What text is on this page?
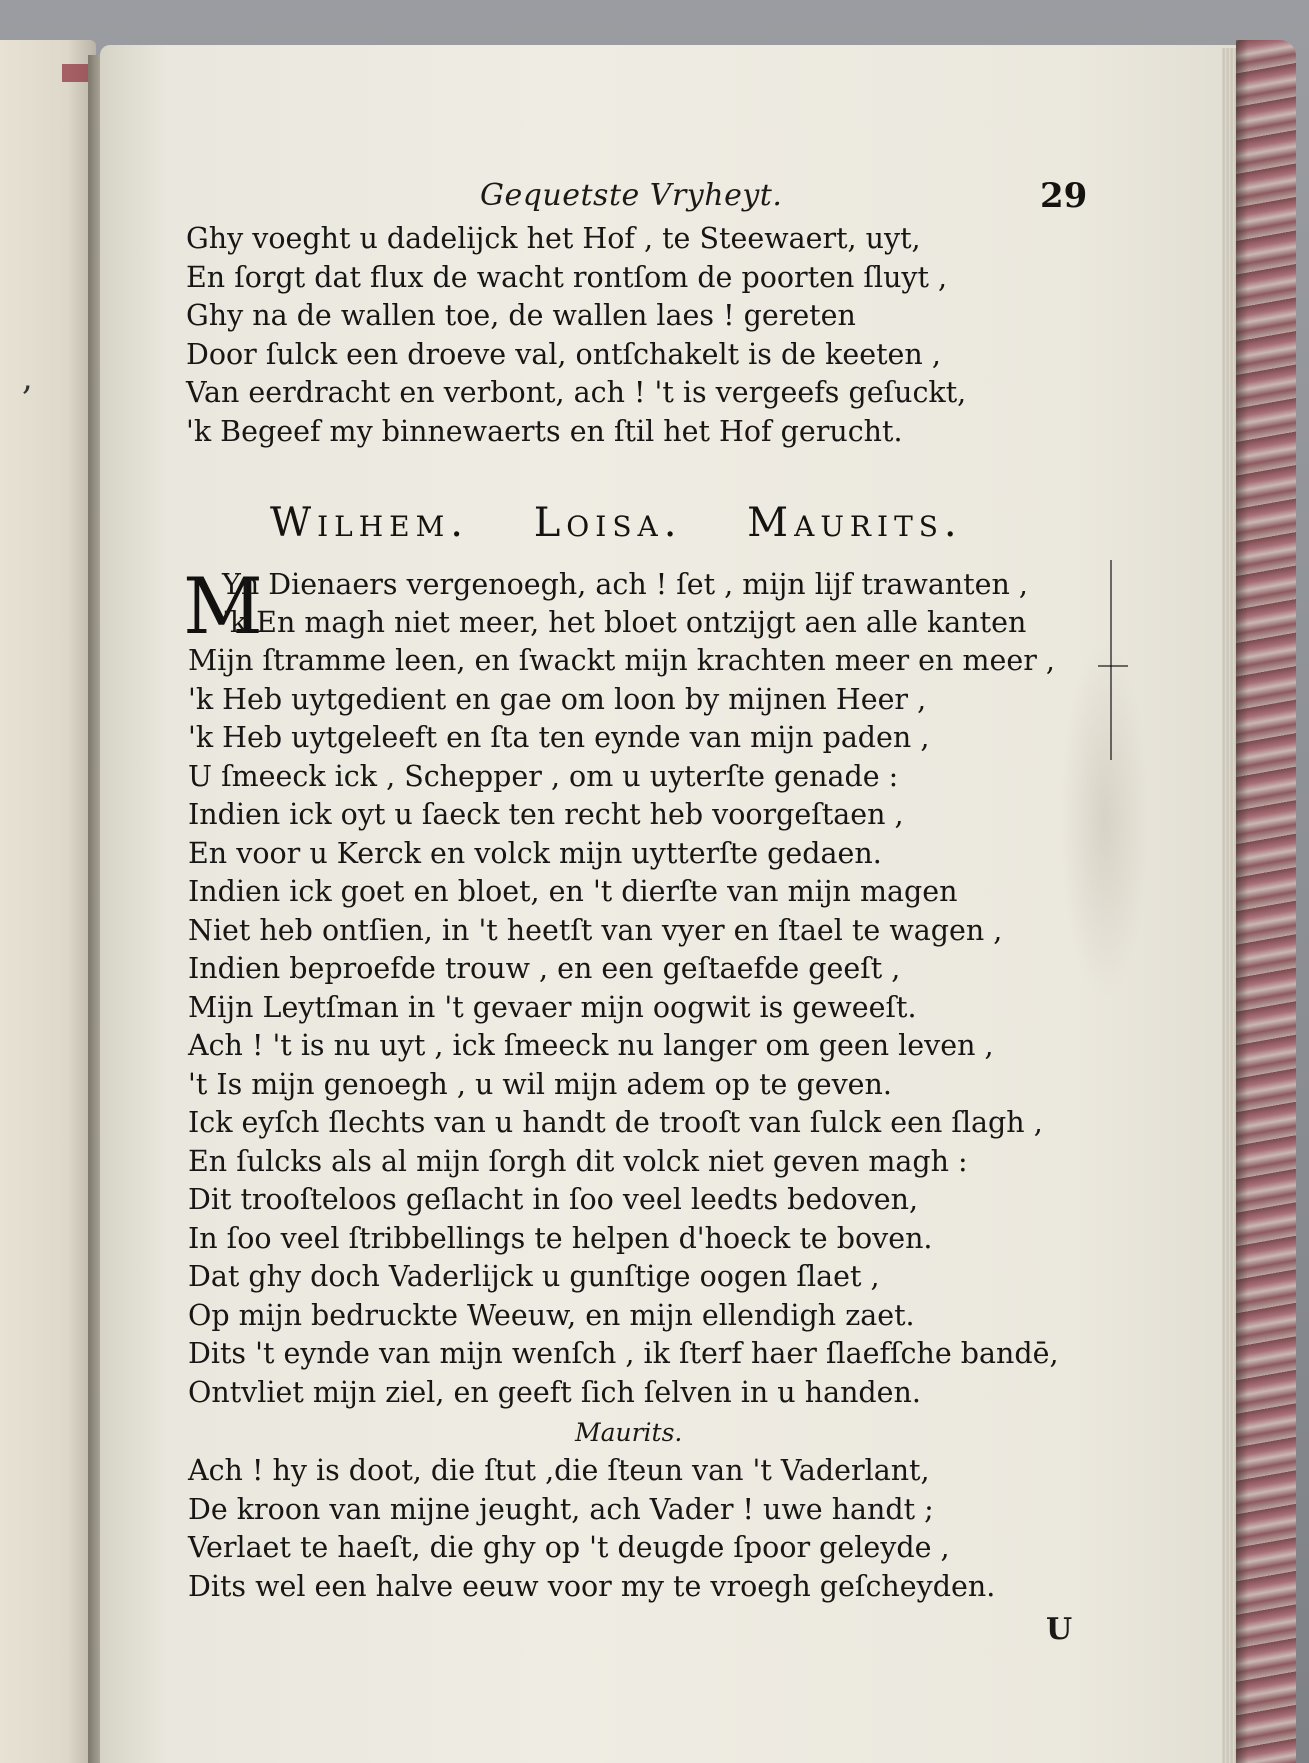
,
Gequetste Vryheyt.	29
Ghy voeght u dadelijck het Hof , te Steewaert, uyt,
En ſorgt dat flux de wacht rontſom de poorten ſluyt ,
Ghy na de wallen toe, de wallen laes ! gereten
Door ſulck een droeve val, ontſchakelt is de keeten ,
Van eerdracht en verbont, ach ! 't is vergeefs geſuckt,
'k Begeef my binnewaerts en ſtil het Hof gerucht.
Wilhem. Loisa. Maurits.
M
Yn Dienaers vergenoegh, ach ! ſet , mijn lijf trawanten ,
'k En magh niet meer, het bloet ontzijgt aen alle kanten
Mijn ſtramme leen, en ſwackt mijn krachten meer en meer ,
'k Heb uytgedient en gae om loon by mijnen Heer ,
'k Heb uytgeleeft en ſta ten eynde van mijn paden ,
U ſmeeck ick , Schepper , om u uyterſte genade :
Indien ick oyt u ſaeck ten recht heb voorgeſtaen ,
En voor u Kerck en volck mijn uytterſte gedaen.
Indien ick goet en bloet, en 't dierſte van mijn magen
Niet heb ontſien, in 't heetſt van vyer en ſtael te wagen ,
Indien beproefde trouw , en een geſtaefde geeſt ,
Mijn Leytſman in 't gevaer mijn oogwit is geweeſt.
Ach ! 't is nu uyt , ick ſmeeck nu langer om geen leven ,
't Is mijn genoegh , u wil mijn adem op te geven.
Ick eyſch ſlechts van u handt de trooſt van ſulck een ſlagh ,
En ſulcks als al mijn ſorgh dit volck niet geven magh :
Dit trooſteloos geſlacht in ſoo veel leedts bedoven,
In ſoo veel ſtribbellings te helpen d'hoeck te boven.
Dat ghy doch Vaderlijck u gunſtige oogen ſlaet ,
Op mijn bedruckte Weeuw, en mijn ellendigh zaet.
Dits 't eynde van mijn wenſch , ik ſterf haer ſlaefſche bandē,
Ontvliet mijn ziel, en geeft ſich ſelven in u handen.
Maurits.
Ach ! hy is doot, die ſtut ,die ſteun van 't Vaderlant,
De kroon van mijne jeught, ach Vader ! uwe handt ;
Verlaet te haeſt, die ghy op 't deugde ſpoor geleyde ,
Dits wel een halve eeuw voor my te vroegh geſcheyden.
U
